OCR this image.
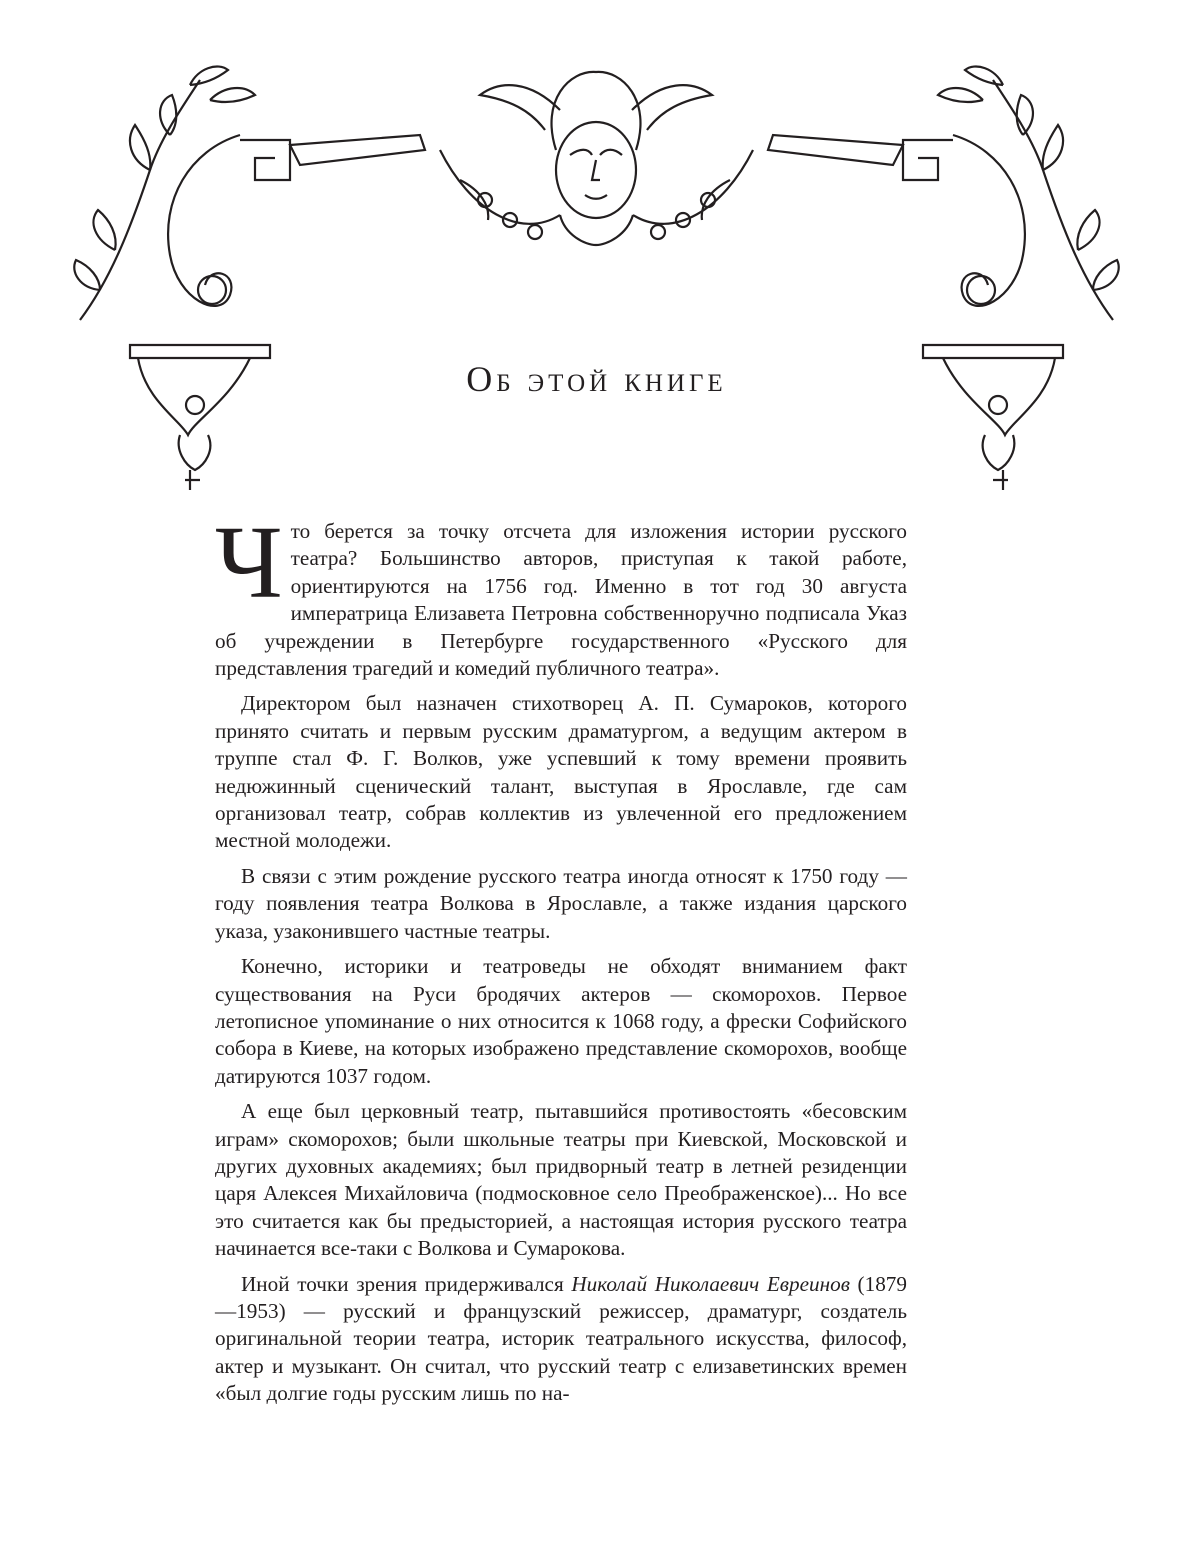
Об этой книге

Что берется за точку отсчета для изложения истории русского театра? Большинство авторов, приступая к такой работе, ориентируются на 1756 год. Именно в тот год 30 августа императрица Елизавета Петровна собственноручно подписала Указ об учреждении в Петербурге государственного «Русского для представления трагедий и комедий публичного театра».

Директором был назначен стихотворец А. П. Сумароков, которого принято считать и первым русским драматургом, а ведущим актером в труппе стал Ф. Г. Волков, уже успевший к тому времени проявить недюжинный сценический талант, выступая в Ярославле, где сам организовал театр, собрав коллектив из увлеченной его предложением местной молодежи.

В связи с этим рождение русского театра иногда относят к 1750 году — году появления театра Волкова в Ярославле, а также издания царского указа, узаконившего частные театры.

Конечно, историки и театроведы не обходят вниманием факт существования на Руси бродячих актеров — скоморохов. Первое летописное упоминание о них относится к 1068 году, а фрески Софийского собора в Киеве, на которых изображено представление скоморохов, вообще датируются 1037 годом.

А еще был церковный театр, пытавшийся противостоять «бесовским играм» скоморохов; были школьные театры при Киевской, Московской и других духовных академиях; был придворный театр в летней резиденции царя Алексея Михайловича (подмосковное село Преображенское)... Но все это считается как бы предысторией, а настоящая история русского театра начинается все-таки с Волкова и Сумарокова.

Иной точки зрения придерживался Николай Николаевич Евреинов (1879—1953) — русский и французский режиссер, драматург, создатель оригинальной теории театра, историк театрального искусства, философ, актер и музыкант. Он считал, что русский театр с елизаветинских времен «был долгие годы русским лишь по на-
